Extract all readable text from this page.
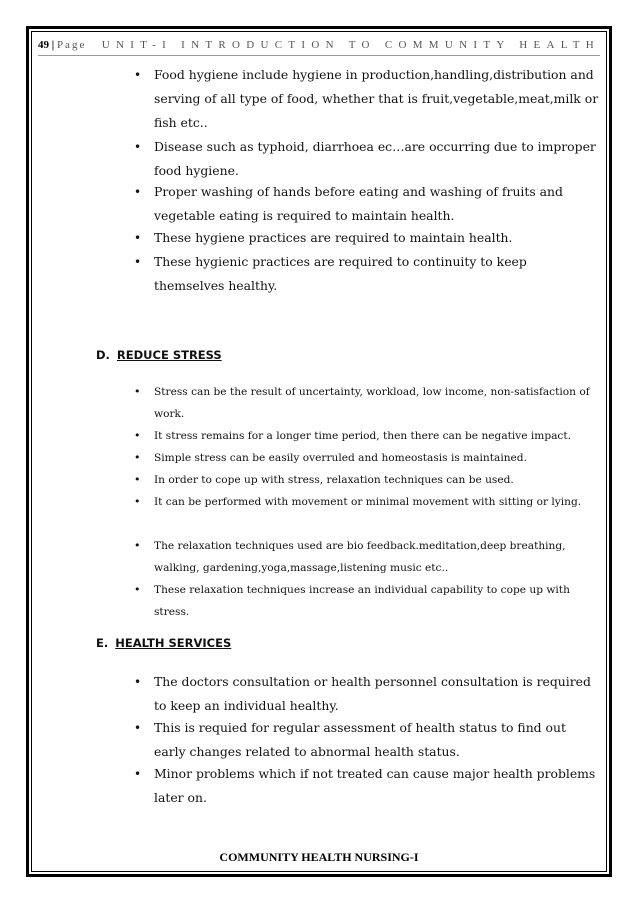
49 | Page UNIT-I INTRODUCTION TO COMMUNITY HEALTH
• Food hygiene include hygiene in production,handling,distribution and serving of all type of food, whether that is fruit,vegetable,meat,milk or fish etc..
• Disease such as typhoid, diarrhoea ec…are occurring due to improper food hygiene.
• Proper washing of hands before eating and washing of fruits and vegetable eating is required to maintain health.
• These hygiene practices are required to maintain health.
• These hygienic practices are required to continuity to keep themselves healthy.
D. REDUCE STRESS
• Stress can be the result of uncertainty, workload, low income, non-satisfaction of work.
• It stress remains for a longer time period, then there can be negative impact.
• Simple stress can be easily overruled and homeostasis is maintained.
• In order to cope up with stress, relaxation techniques can be used.
• It can be performed with movement or minimal movement with sitting or lying.
• The relaxation techniques used are bio feedback.meditation,deep breathing, walking, gardening,yoga,massage,listening music etc..
• These relaxation techniques increase an individual capability to cope up with stress.
E. HEALTH SERVICES
• The doctors consultation or health personnel consultation is required to keep an individual healthy.
• This is requied for regular assessment of health status to find out early changes related to abnormal health status.
• Minor problems which if not treated can cause major health problems later on.
COMMUNITY HEALTH NURSING-I
